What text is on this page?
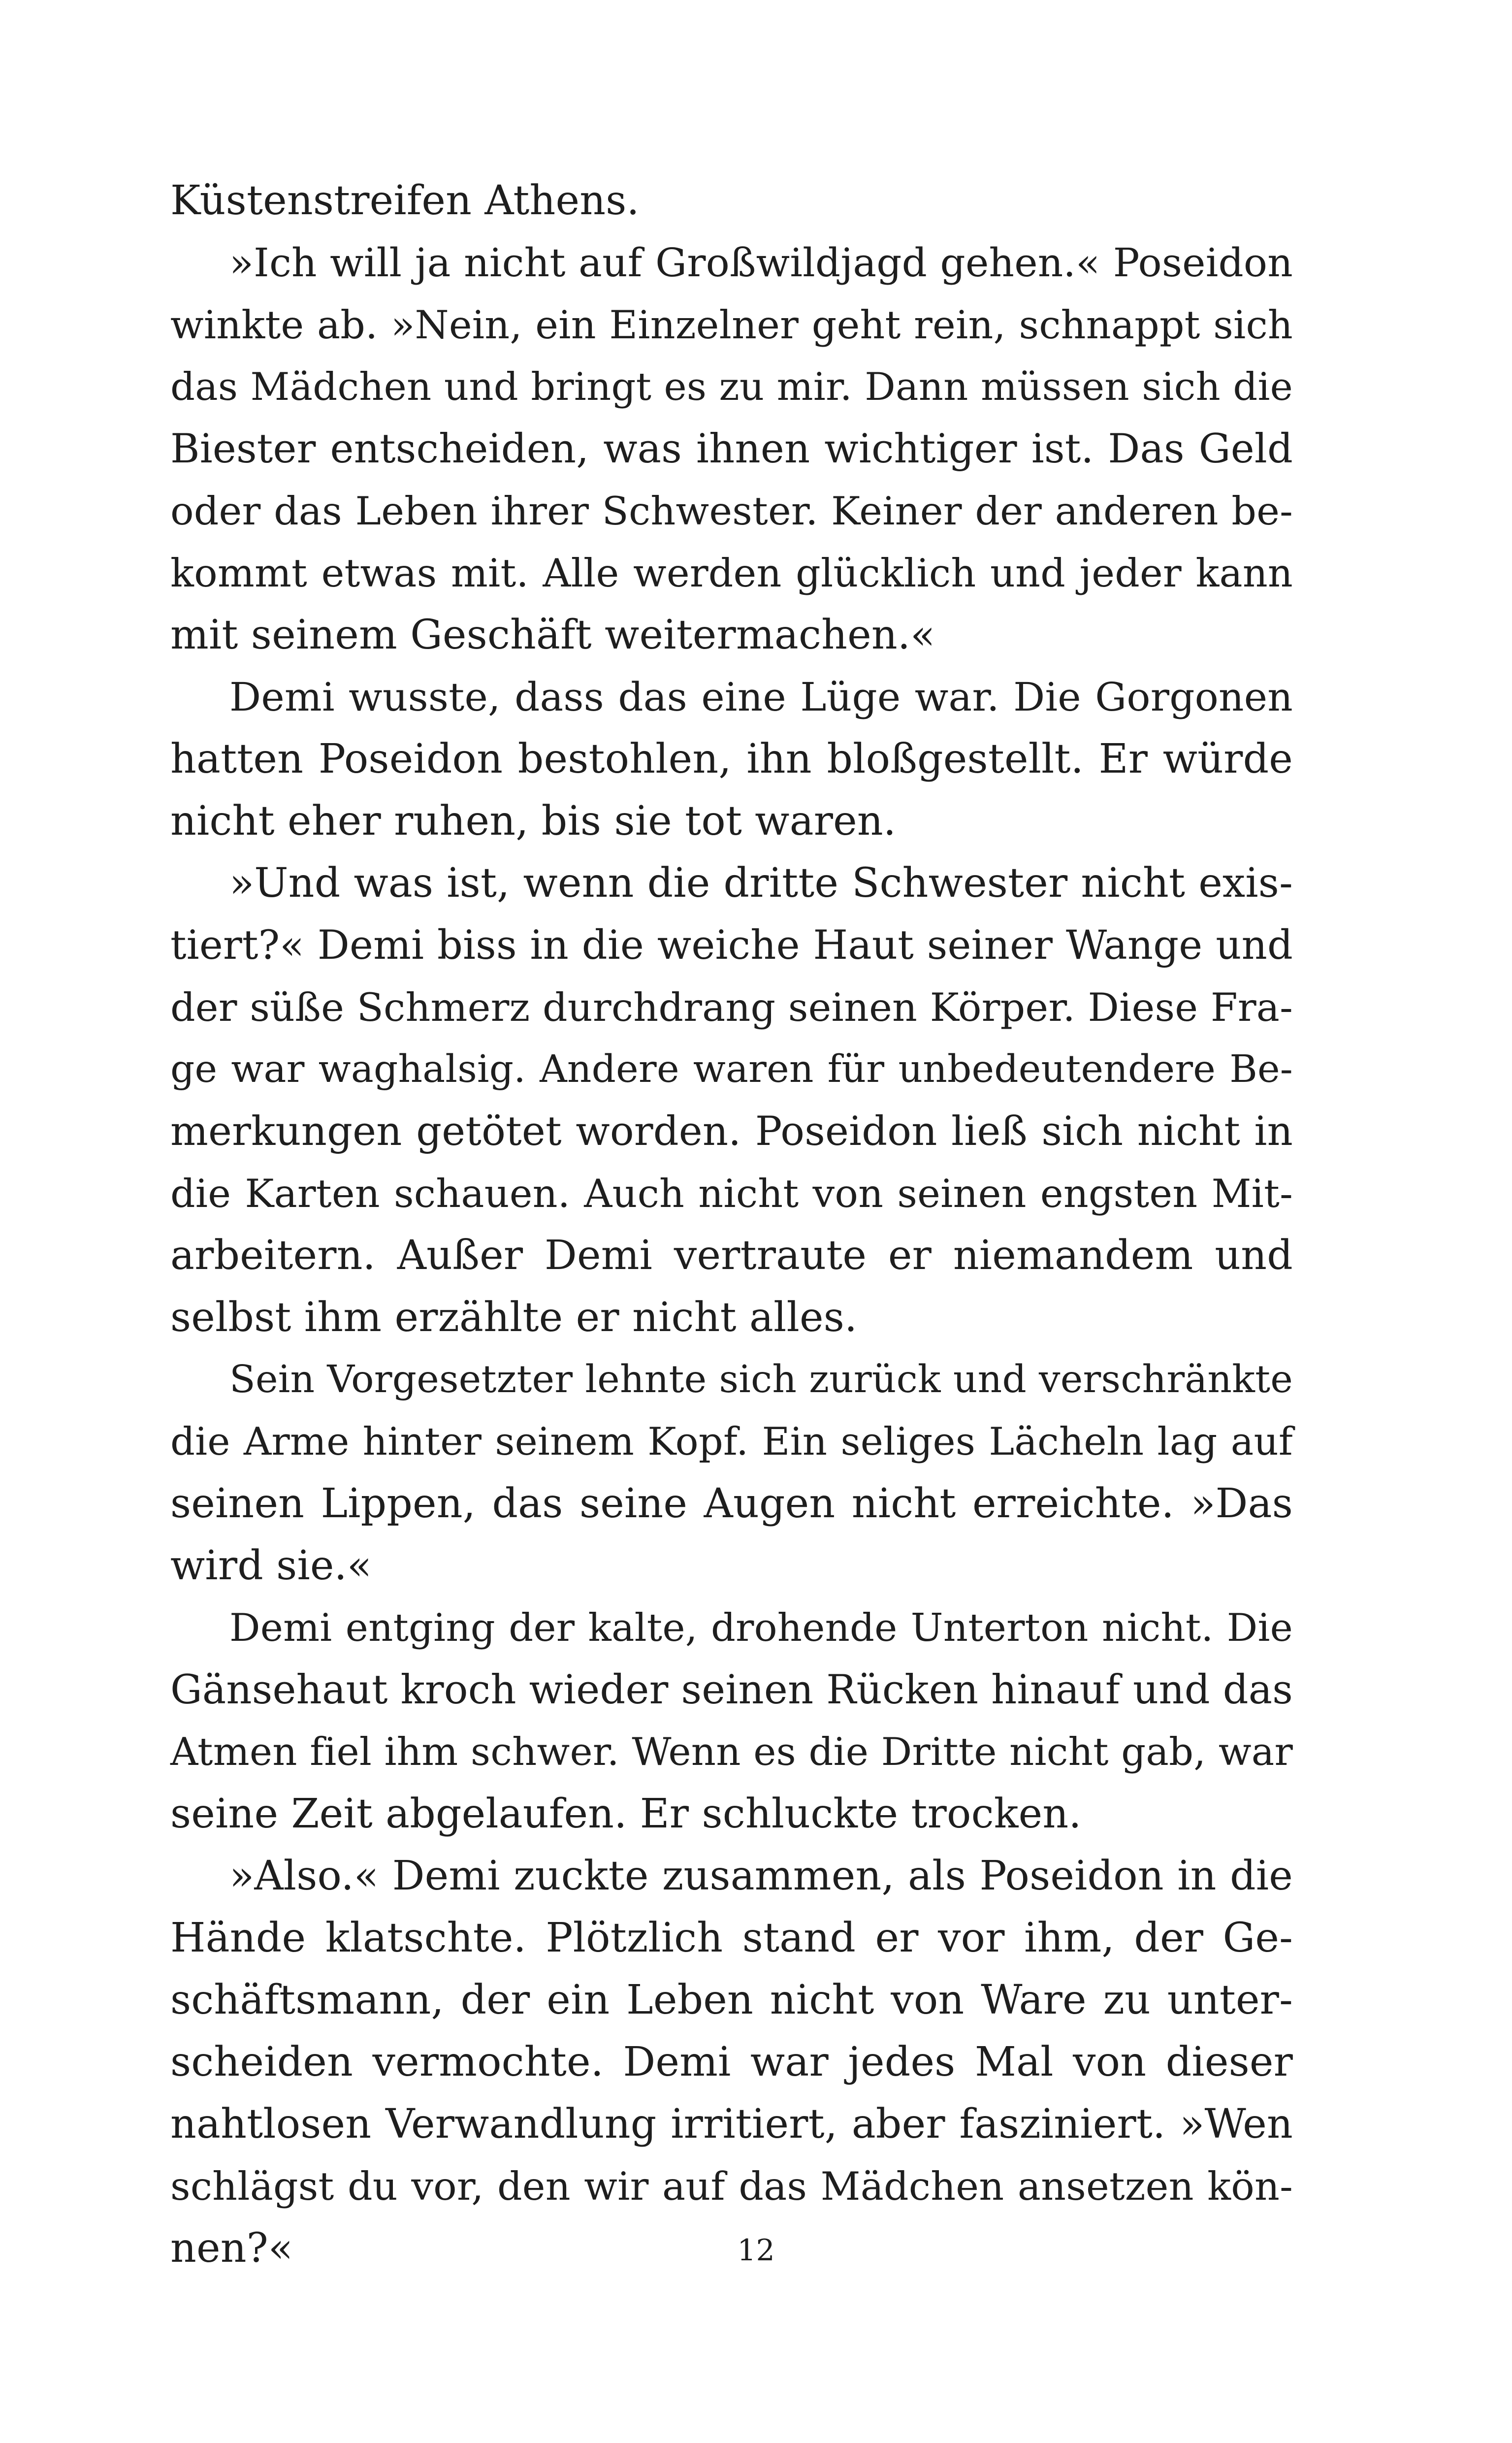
Küstenstreifen Athens.
»Ich will ja nicht auf Großwildjagd gehen.« Poseidon
winkte ab. »Nein, ein Einzelner geht rein, schnappt sich
das Mädchen und bringt es zu mir. Dann müssen sich die
Biester entscheiden, was ihnen wichtiger ist. Das Geld
oder das Leben ihrer Schwester. Keiner der anderen be-
kommt etwas mit. Alle werden glücklich und jeder kann
mit seinem Geschäft weitermachen.«
Demi wusste, dass das eine Lüge war. Die Gorgonen
hatten Poseidon bestohlen, ihn bloßgestellt. Er würde
nicht eher ruhen, bis sie tot waren.
»Und was ist, wenn die dritte Schwester nicht exis-
tiert?« Demi biss in die weiche Haut seiner Wange und
der süße Schmerz durchdrang seinen Körper. Diese Fra-
ge war waghalsig. Andere waren für unbedeutendere Be-
merkungen getötet worden. Poseidon ließ sich nicht in
die Karten schauen. Auch nicht von seinen engsten Mit-
arbeitern. Außer Demi vertraute er niemandem und
selbst ihm erzählte er nicht alles.
Sein Vorgesetzter lehnte sich zurück und verschränkte
die Arme hinter seinem Kopf. Ein seliges Lächeln lag auf
seinen Lippen, das seine Augen nicht erreichte. »Das
wird sie.«
Demi entging der kalte, drohende Unterton nicht. Die
Gänsehaut kroch wieder seinen Rücken hinauf und das
Atmen fiel ihm schwer. Wenn es die Dritte nicht gab, war
seine Zeit abgelaufen. Er schluckte trocken.
»Also.« Demi zuckte zusammen, als Poseidon in die
Hände klatschte. Plötzlich stand er vor ihm, der Ge-
schäftsmann, der ein Leben nicht von Ware zu unter-
scheiden vermochte. Demi war jedes Mal von dieser
nahtlosen Verwandlung irritiert, aber fasziniert. »Wen
schlägst du vor, den wir auf das Mädchen ansetzen kön-
nen?«	12
